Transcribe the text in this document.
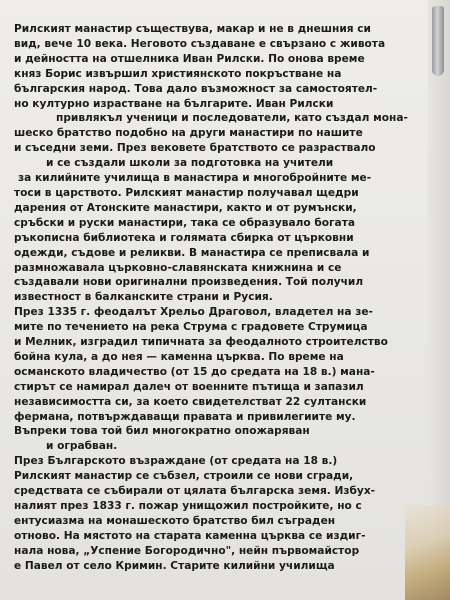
Рилският манастир съществува, макар и не в днешния си
вид, вече 10 века. Неговото създаване е свързано с живота
и дейността на отшелника Иван Рилски. По онова време
княз Борис извършил християнското покръстване на
българския народ. Това дало възможност за самостоятел-
но културно израстване на българите. Иван Рилски
привлякъл ученици и последователи, като създал мона-
шеско братство подобно на други манастири по нашите
и съседни земи. През вековете братството се разраствало
и се създали школи за подготовка на учители
за килийните училища в манастира и многобройните ме-
тоси в царството. Рилският манастир получавал щедри
дарения от Атонските манастири, както и от румънски,
сръбски и руски манастири, така се образувало богата
ръкописна библиотека и голямата сбирка от църковни
одежди, съдове и реликви. В манастира се преписвала и
размножавала църковно-славянската книжнина и се
създавали нови оригинални произведения. Той получил
известност в балканските страни и Русия.
През 1335 г. феодалът Хрельо Драговол, владетел на зе-
мите по течението на река Струма с градовете Струмица
и Мелник, изградил типичната за феодалното строителство
бойна кула, а до нея — каменна църква. По време на
османското владичество (от 15 до средата на 18 в.) мана-
стирът се намирал далеч от военните пътища и запазил
независимостта си, за което свидетелстват 22 султански
фермана, потвърждаващи правата и привилегиите му.
Въпреки това той бил многократно опожаряван
и ограбван.
През Българското възраждане (от средата на 18 в.)
Рилският манастир се събзел, строили се нови сгради,
средствата се събирали от цялата българска земя. Избух-
налият през 1833 г. пожар унищожил постройките, но с
ентусиазма на монашеското братство бил съграден
отново. На мястото на старата каменна църква се издиг-
нала нова, „Успение Богородично", нейн първомайстор
е Павел от село Кримин. Старите килийни училища
